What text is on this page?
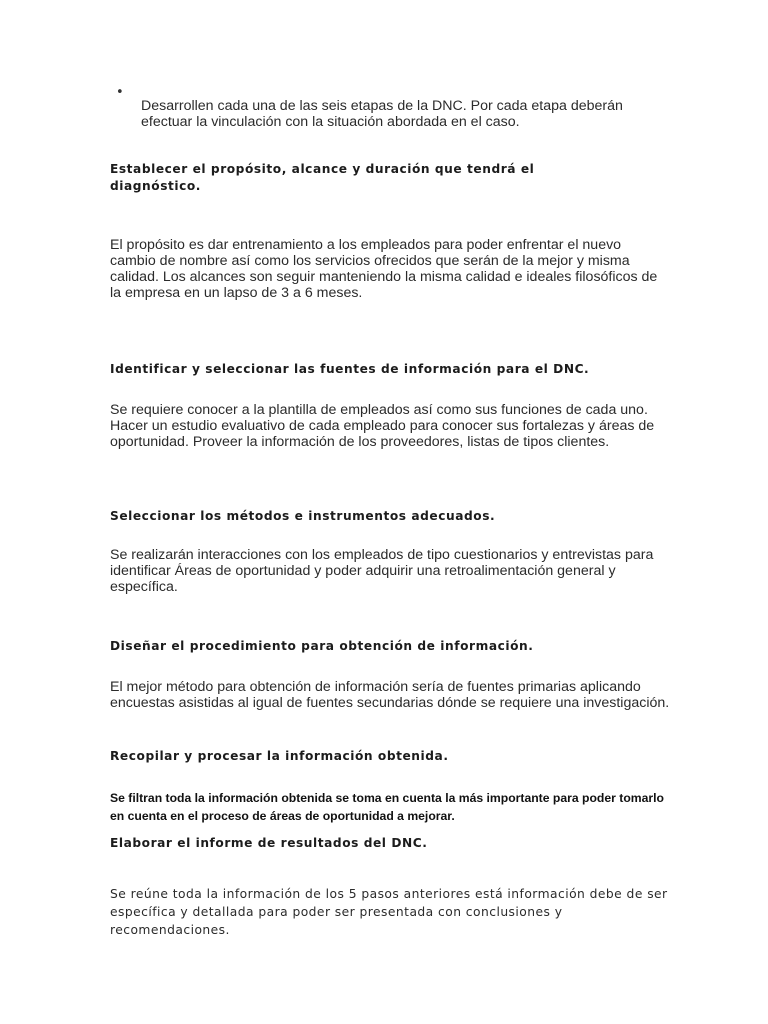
•

Desarrollen cada una de las seis etapas de la DNC. Por cada etapa deberán efectuar la vinculación con la situación abordada en el caso.

Establecer el propósito, alcance y duración que tendrá el diagnóstico.

El propósito es dar entrenamiento a los empleados para poder enfrentar el nuevo cambio de nombre así como los servicios ofrecidos que serán de la mejor y misma calidad. Los alcances son seguir manteniendo la misma calidad e ideales filosóficos de la empresa en un lapso de 3 a 6 meses.

Identificar y seleccionar las fuentes de información para el DNC.

Se requiere conocer a la plantilla de empleados así como sus funciones de cada uno. Hacer un estudio evaluativo de cada empleado para conocer sus fortalezas y áreas de oportunidad. Proveer la información de los proveedores, listas de tipos clientes.

Seleccionar los métodos e instrumentos adecuados.

Se realizarán interacciones con los empleados de tipo cuestionarios y entrevistas para identificar Áreas de oportunidad y poder adquirir una retroalimentación general y específica.

Diseñar el procedimiento para obtención de información.

El mejor método para obtención de información sería de fuentes primarias aplicando encuestas asistidas al igual de fuentes secundarias dónde se requiere una investigación.

Recopilar y procesar la información obtenida.

Se filtran toda la información obtenida se toma en cuenta la más importante para poder tomarlo en cuenta en el proceso de áreas de oportunidad a mejorar.

Elaborar el informe de resultados del DNC.

Se reúne toda la información de los 5 pasos anteriores está información debe de ser específica y detallada para poder ser presentada con conclusiones y recomendaciones.
